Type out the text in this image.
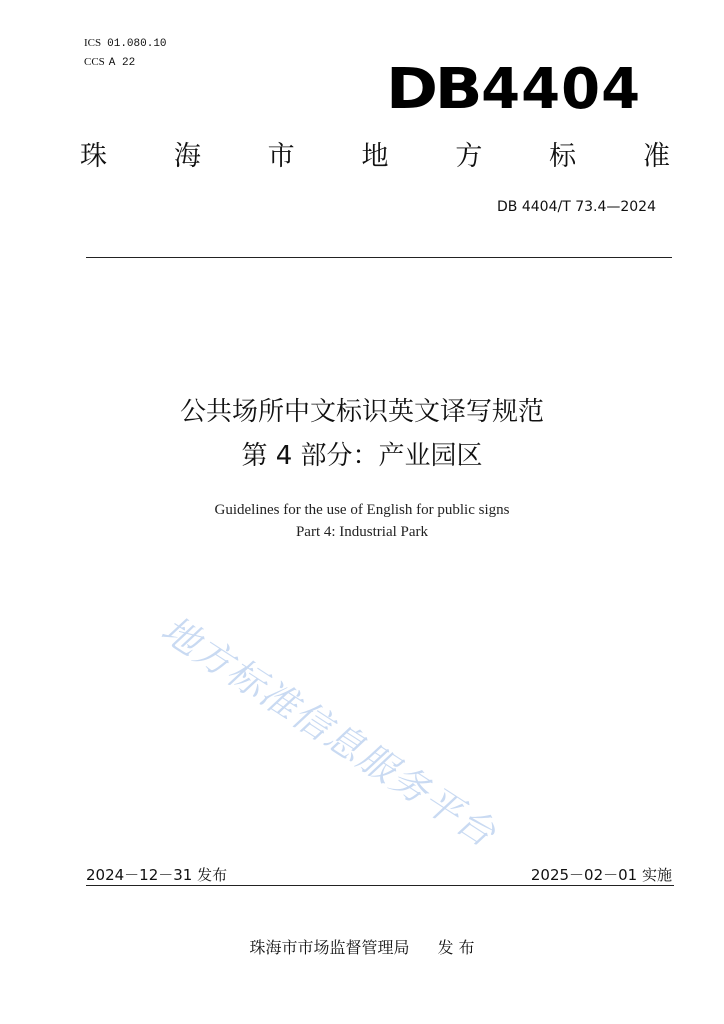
ICS 01.080.10
CCS A 22	DB4404
珠 海 市 地 方 标 准
DB 4404/T 73.4—2024
公共场所中文标识英文译写规范
第 4 部分：产业园区
Guidelines for the use of English for public signs
Part 4: Industrial Park
地方标准信息服务平台
2024－12－31 发布	2025－02－01 实施
珠海市市场监督管理局 发 布
